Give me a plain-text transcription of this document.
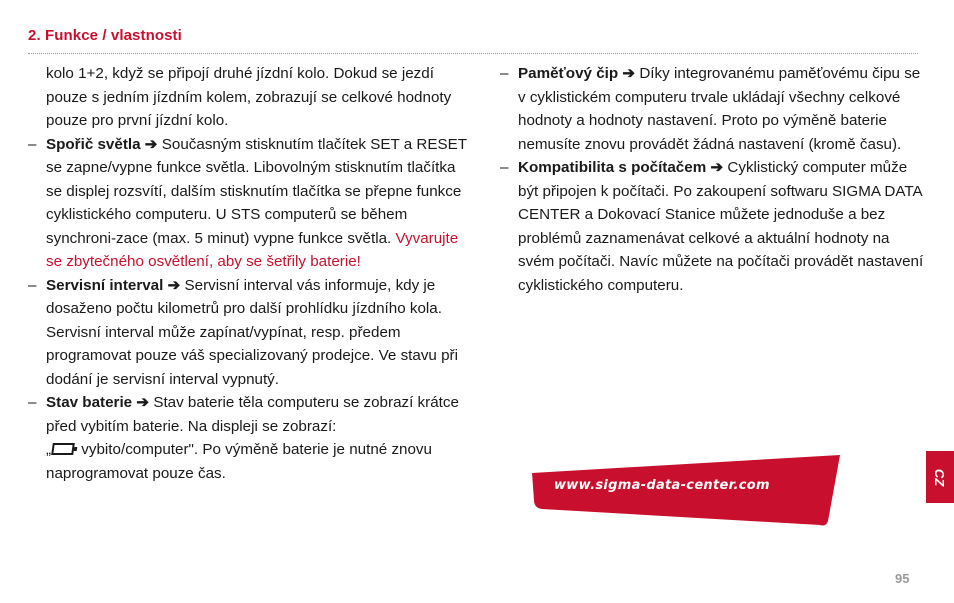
2. Funkce / vlastnosti

kolo 1+2, když se připojí druhé jízdní kolo. Dokud se jezdí pouze s jedním jízdním kolem, zobrazují se celkové hodnoty pouze pro první jízdní kolo.

– Spořič světla ➔ Současným stisknutím tlačítek SET a RESET se zapne/vypne funkce světla. Libovolným stisknutím tlačítka se displej rozsvítí, dalším stisknutím tlačítka se přepne funkce cyklistického computeru. U STS computerů se během synchroni-zace (max. 5 minut) vypne funkce světla. Vyvarujte se zbytečného osvětlení, aby se šetřily baterie!

– Servisní interval ➔ Servisní interval vás informuje, kdy je dosaženo počtu kilometrů pro další prohlídku jízdního kola. Servisní interval může zapínat/vypínat, resp. předem programovat pouze váš specializovaný prodejce. Ve stavu při dodání je servisní interval vypnutý.

– Stav baterie ➔ Stav baterie těla computeru se zobrazí krátce před vybitím baterie. Na displeji se zobrazí:
„ vybito/computer". Po výměně baterie je nutné znovu naprogramovat pouze čas.

– Paměťový čip ➔ Díky integrovanému paměťovému čipu se v cyklistickém computeru trvale ukládají všechny celkové hodnoty a hodnoty nastavení. Proto po výměně baterie nemusíte znovu provádět žádná nastavení (kromě času).

– Kompatibilita s počítačem ➔ Cyklistický computer může být připojen k počítači. Po zakoupení softwaru SIGMA DATA CENTER a Dokovací Stanice můžete jednoduše a bez problémů zaznamenávat celkové a aktuální hodnoty na svém počítači. Navíc můžete na počítači provádět nastavení cyklistického computeru.

www.sigma-data-center.com	CZ
95
